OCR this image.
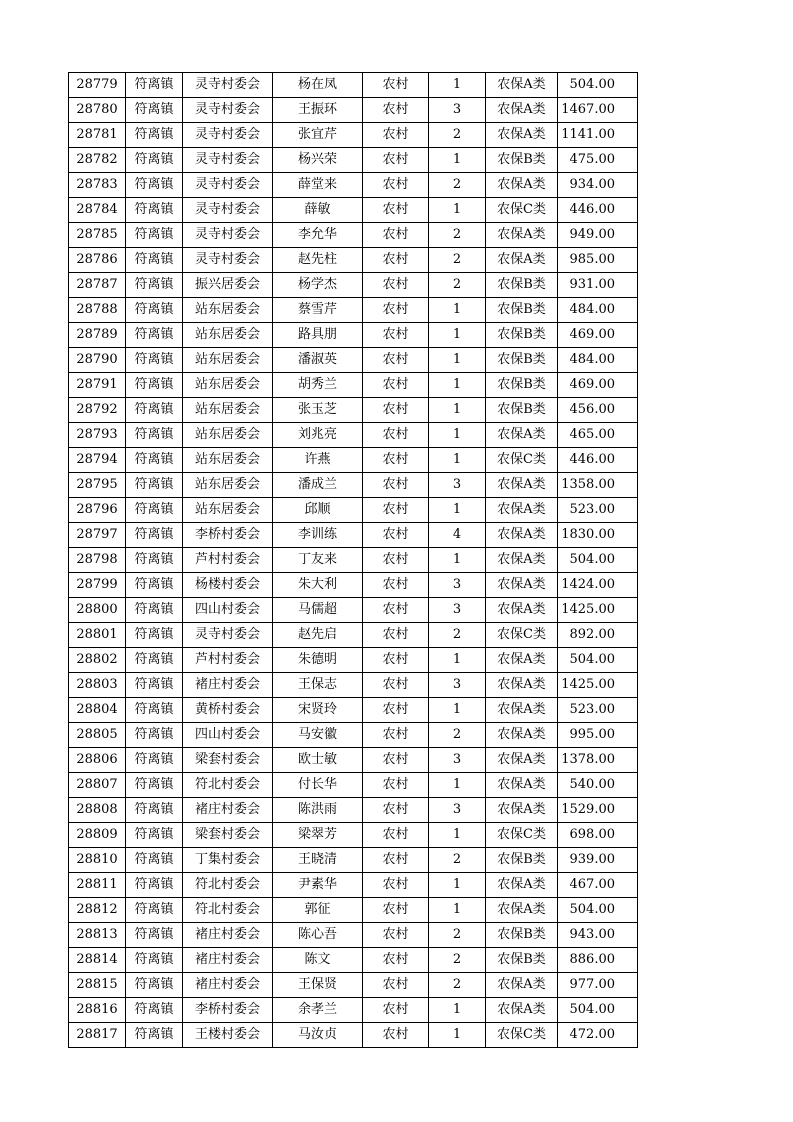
28779	符离镇	灵寺村委会	杨在凤	农村	1	农保A类	504.00
28780	符离镇	灵寺村委会	王振环	农村	3	农保A类	1467.00
28781	符离镇	灵寺村委会	张宜芹	农村	2	农保A类	1141.00
28782	符离镇	灵寺村委会	杨兴荣	农村	1	农保B类	475.00
28783	符离镇	灵寺村委会	薛堂来	农村	2	农保A类	934.00
28784	符离镇	灵寺村委会	薛敏	农村	1	农保C类	446.00
28785	符离镇	灵寺村委会	李允华	农村	2	农保A类	949.00
28786	符离镇	灵寺村委会	赵先柱	农村	2	农保A类	985.00
28787	符离镇	振兴居委会	杨学杰	农村	2	农保B类	931.00
28788	符离镇	站东居委会	蔡雪芹	农村	1	农保B类	484.00
28789	符离镇	站东居委会	路具朋	农村	1	农保B类	469.00
28790	符离镇	站东居委会	潘淑英	农村	1	农保B类	484.00
28791	符离镇	站东居委会	胡秀兰	农村	1	农保B类	469.00
28792	符离镇	站东居委会	张玉芝	农村	1	农保B类	456.00
28793	符离镇	站东居委会	刘兆亮	农村	1	农保A类	465.00
28794	符离镇	站东居委会	许燕	农村	1	农保C类	446.00
28795	符离镇	站东居委会	潘成兰	农村	3	农保A类	1358.00
28796	符离镇	站东居委会	邱顺	农村	1	农保A类	523.00
28797	符离镇	李桥村委会	李训练	农村	4	农保A类	1830.00
28798	符离镇	芦村村委会	丁友来	农村	1	农保A类	504.00
28799	符离镇	杨楼村委会	朱大利	农村	3	农保A类	1424.00
28800	符离镇	四山村委会	马儒超	农村	3	农保A类	1425.00
28801	符离镇	灵寺村委会	赵先启	农村	2	农保C类	892.00
28802	符离镇	芦村村委会	朱德明	农村	1	农保A类	504.00
28803	符离镇	褚庄村委会	王保志	农村	3	农保A类	1425.00
28804	符离镇	黄桥村委会	宋贤玲	农村	1	农保A类	523.00
28805	符离镇	四山村委会	马安徽	农村	2	农保A类	995.00
28806	符离镇	梁套村委会	欧士敏	农村	3	农保A类	1378.00
28807	符离镇	符北村委会	付长华	农村	1	农保A类	540.00
28808	符离镇	褚庄村委会	陈洪雨	农村	3	农保A类	1529.00
28809	符离镇	梁套村委会	梁翠芳	农村	1	农保C类	698.00
28810	符离镇	丁集村委会	王晓清	农村	2	农保B类	939.00
28811	符离镇	符北村委会	尹素华	农村	1	农保A类	467.00
28812	符离镇	符北村委会	郭征	农村	1	农保A类	504.00
28813	符离镇	褚庄村委会	陈心吾	农村	2	农保B类	943.00
28814	符离镇	褚庄村委会	陈文	农村	2	农保B类	886.00
28815	符离镇	褚庄村委会	王保贤	农村	2	农保A类	977.00
28816	符离镇	李桥村委会	余孝兰	农村	1	农保A类	504.00
28817	符离镇	王楼村委会	马汝贞	农村	1	农保C类	472.00
